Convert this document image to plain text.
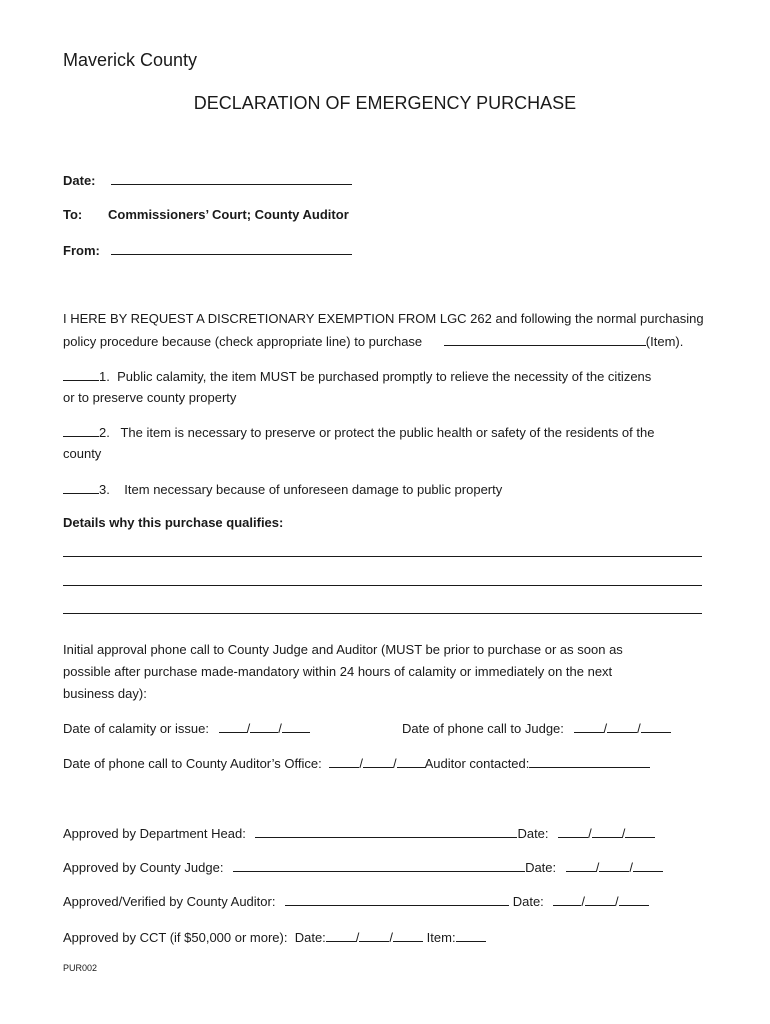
Maverick County
DECLARATION OF EMERGENCY PURCHASE
Date:
To: Commissioners’ Court; County Auditor
From:
I HERE BY REQUEST A DISCRETIONARY EXEMPTION FROM LGC 262 and following the normal purchasing
policy procedure because (check appropriate line) to purchase	(Item).
1. Public calamity, the item MUST be purchased promptly to relieve the necessity of the citizens
or to preserve county property
2. The item is necessary to preserve or protect the public health or safety of the residents of the
county
3. Item necessary because of unforeseen damage to public property
Details why this purchase qualifies:
Initial approval phone call to County Judge and Auditor (MUST be prior to purchase or as soon as
possible after purchase made-mandatory within 24 hours of calamity or immediately on the next
business day):
Date of calamity or issue:	/ /	Date of phone call to Judge:	/ /
Date of phone call to County Auditor’s Office:	/ / Auditor contacted:
Approved by Department Head:	Date:	/ /
Approved by County Judge:	Date:	/ /
Approved/Verified by County Auditor:	Date:	/ /
Approved by CCT (if $50,000 or more): Date: / /	Item:
PUR002
